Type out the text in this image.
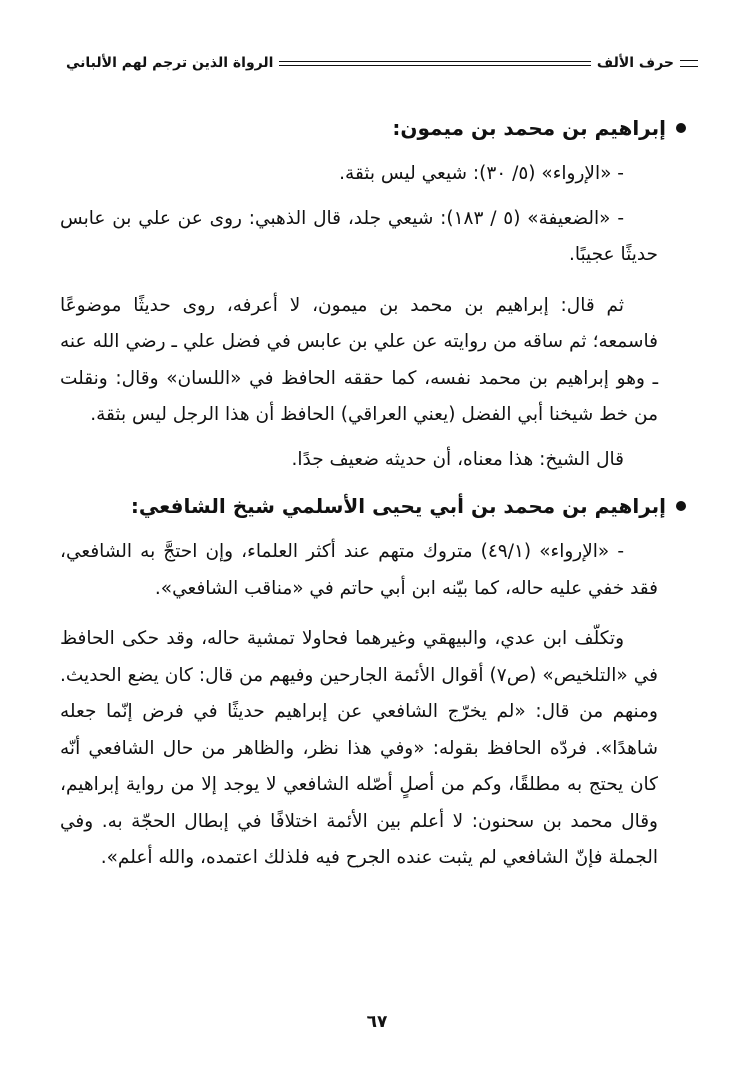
حرف الألف
الرواة الذين ترجم لهم الألباني
إبراهيم بن محمد بن ميمون:

- «الإرواء» (٥/ ٣٠): شيعي ليس بثقة.

- «الضعيفة» (٥ / ١٨٣): شيعي جلد، قال الذهبي: روى عن علي بن عابس حديثًا عجيبًا.

ثم قال: إبراهيم بن محمد بن ميمون، لا أعرفه، روى حديثًا موضوعًا فاسمعه؛ ثم ساقه من روايته عن علي بن عابس في فضل علي ـ رضي الله عنه ـ وهو إبراهيم بن محمد نفسه، كما حققه الحافظ في «اللسان» وقال: ونقلت من خط شيخنا أبي الفضل (يعني العراقي) الحافظ أن هذا الرجل ليس بثقة.

قال الشيخ: هذا معناه، أن حديثه ضعيف جدًا.

إبراهيم بن محمد بن أبي يحيى الأسلمي شيخ الشافعي:

- «الإرواء» (٤٩/١) متروك متهم عند أكثر العلماء، وإن احتجَّ به الشافعي، فقد خفي عليه حاله، كما بيّنه ابن أبي حاتم في «مناقب الشافعي».

وتكلّف ابن عدي، والبيهقي وغيرهما فحاولا تمشية حاله، وقد حكى الحافظ في «التلخيص» (ص٧) أقوال الأئمة الجارحين وفيهم من قال: كان يضع الحديث. ومنهم من قال: «لم يخرّج الشافعي عن إبراهيم حديثًا في فرض إنّما جعله شاهدًا». فردّه الحافظ بقوله: «وفي هذا نظر، والظاهر من حال الشافعي أنّه كان يحتج به مطلقًا، وكم من أصلٍ أصّله الشافعي لا يوجد إلا من رواية إبراهيم، وقال محمد بن سحنون: لا أعلم بين الأئمة اختلافًا في إبطال الحجّة به. وفي الجملة فإنّ الشافعي لم يثبت عنده الجرح فيه فلذلك اعتمده، والله أعلم».

٦٧
